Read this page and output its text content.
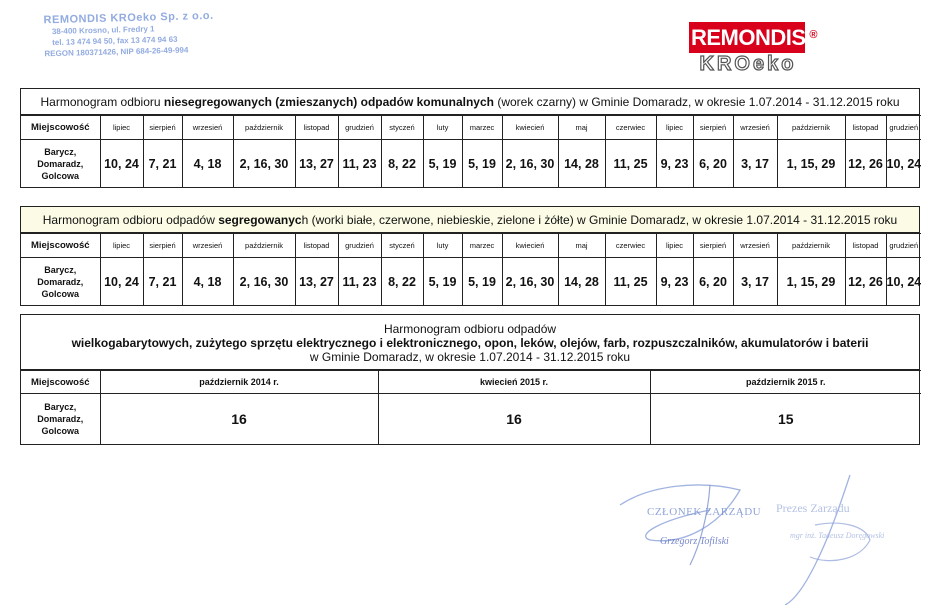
REMONDIS KROeko Sp. z o.o.
38-400 Krosno, ul. Fredry 1
tel. 13 474 94 50, fax 13 474 94 63
REGON 180371426, NIP 684-26-49-994
REMONDIS ®
KROeko
Harmonogram odbioru niesegregowanych (zmieszanych) odpadów komunalnych (worek czarny) w Gminie Domaradz, w okresie 1.07.2014 - 31.12.2015 roku
Miejscowość	lipiec	sierpień	wrzesień	październik	listopad	grudzień	styczeń	luty	marzec	kwiecień	maj	czerwiec	lipiec	sierpień	wrzesień	październik	listopad	grudzień
Barycz,
Domaradz,
Golcowa	10, 24	7, 21	4, 18	2, 16, 30	13, 27	11, 23	8, 22	5, 19	5, 19	2, 16, 30	14, 28	11, 25	9, 23	6, 20	3, 17	1, 15, 29	12, 26	10, 24
Harmonogram odbioru odpadów segregowanych (worki białe, czerwone, niebieskie, zielone i żółte) w Gminie Domaradz, w okresie 1.07.2014 - 31.12.2015 roku
Miejscowość	lipiec	sierpień	wrzesień	październik	listopad	grudzień	styczeń	luty	marzec	kwiecień	maj	czerwiec	lipiec	sierpień	wrzesień	październik	listopad	grudzień
Barycz,
Domaradz,
Golcowa	10, 24	7, 21	4, 18	2, 16, 30	13, 27	11, 23	8, 22	5, 19	5, 19	2, 16, 30	14, 28	11, 25	9, 23	6, 20	3, 17	1, 15, 29	12, 26	10, 24
Harmonogram odbioru odpadów
wielkogabarytowych, zużytego sprzętu elektrycznego i elektronicznego, opon, leków, olejów, farb, rozpuszczalników, akumulatorów i baterii
w Gminie Domaradz, w okresie 1.07.2014 - 31.12.2015 roku
Miejscowość	październik 2014 r.	kwiecień 2015 r.	październik 2015 r.
Barycz,
Domaradz,
Golcowa	16	16	15
CZŁONEK ZARZĄDU
Grzegorz Tofilski
Prezes Zarządu
mgr inż. Tadeusz Doręgowski
